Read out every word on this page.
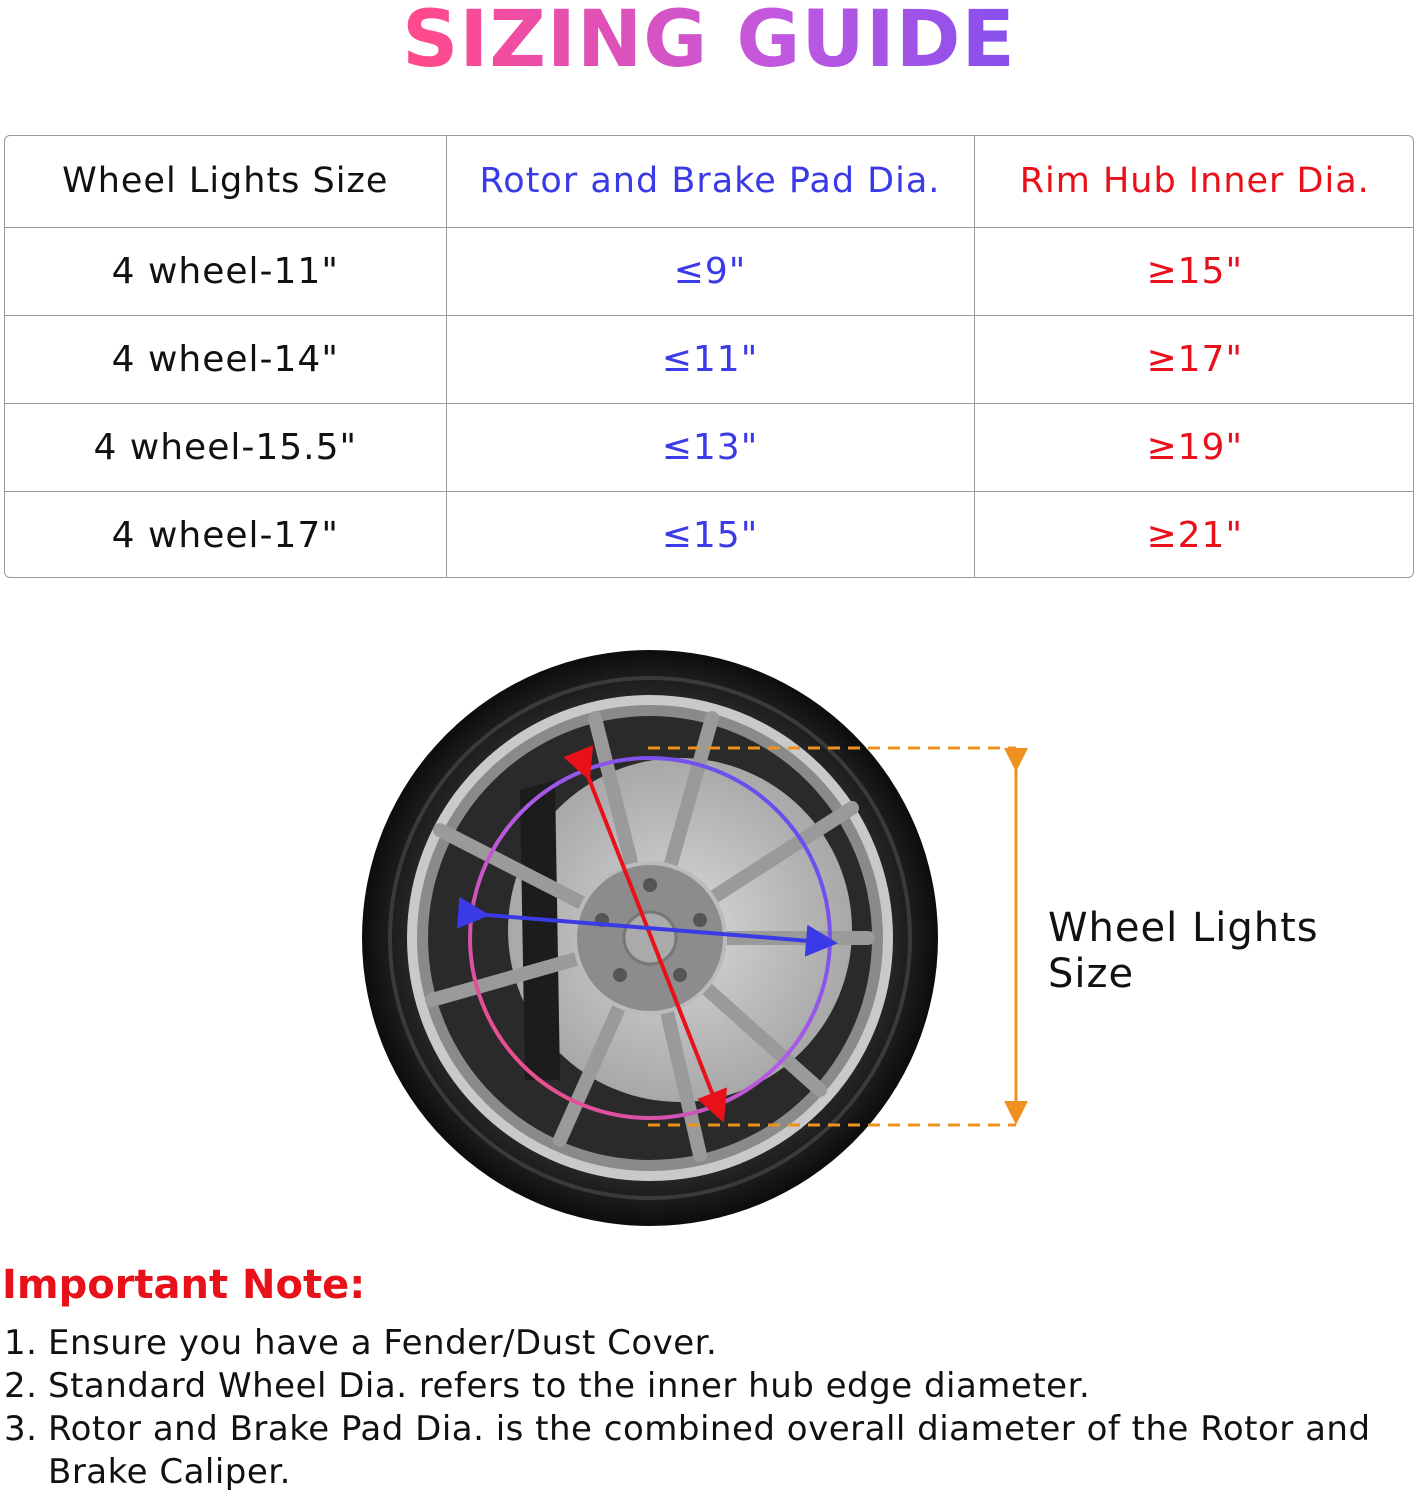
SIZING GUIDE
Wheel Lights Size	Rotor and Brake Pad Dia.	Rim Hub Inner Dia.
4 wheel-11"	≤9"	≥15"
4 wheel-14"	≤11"	≥17"
4 wheel-15.5"	≤13"	≥19"
4 wheel-17"	≤15"	≥21"
Wheel Lights Size
Important Note:
1. Ensure you have a Fender/Dust Cover.
2. Standard Wheel Dia. refers to the inner hub edge diameter.
3. Rotor and Brake Pad Dia. is the combined overall diameter of the Rotor and Brake Caliper.
